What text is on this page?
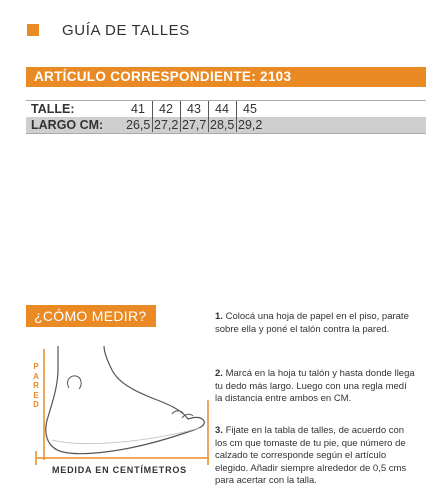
GUÍA DE TALLES
ARTÍCULO CORRESPONDIENTE: 2103
TALLE:	41	42	43	44	45
LARGO CM: 26,5 27,2 27,7 28,5 29,2
¿CÓMO MEDIR?	1. Colocá una hoja de papel en el piso, parate sobre ella y poné el talón contra la pared.
2. Marcá en la hoja tu talón y hasta donde llega tu dedo más largo. Luego con una regla medí la distancia entre ambos en CM.
3. Fijate en la tabla de talles, de acuerdo con los cm que tomaste de tu pie, que número de calzado te corresponde según el artículo elegido. Añadir siempre alrededor de 0,5 cms para acertar con la talla.
P
A
R
E
D
MEDIDA EN CENTÍMETROS
